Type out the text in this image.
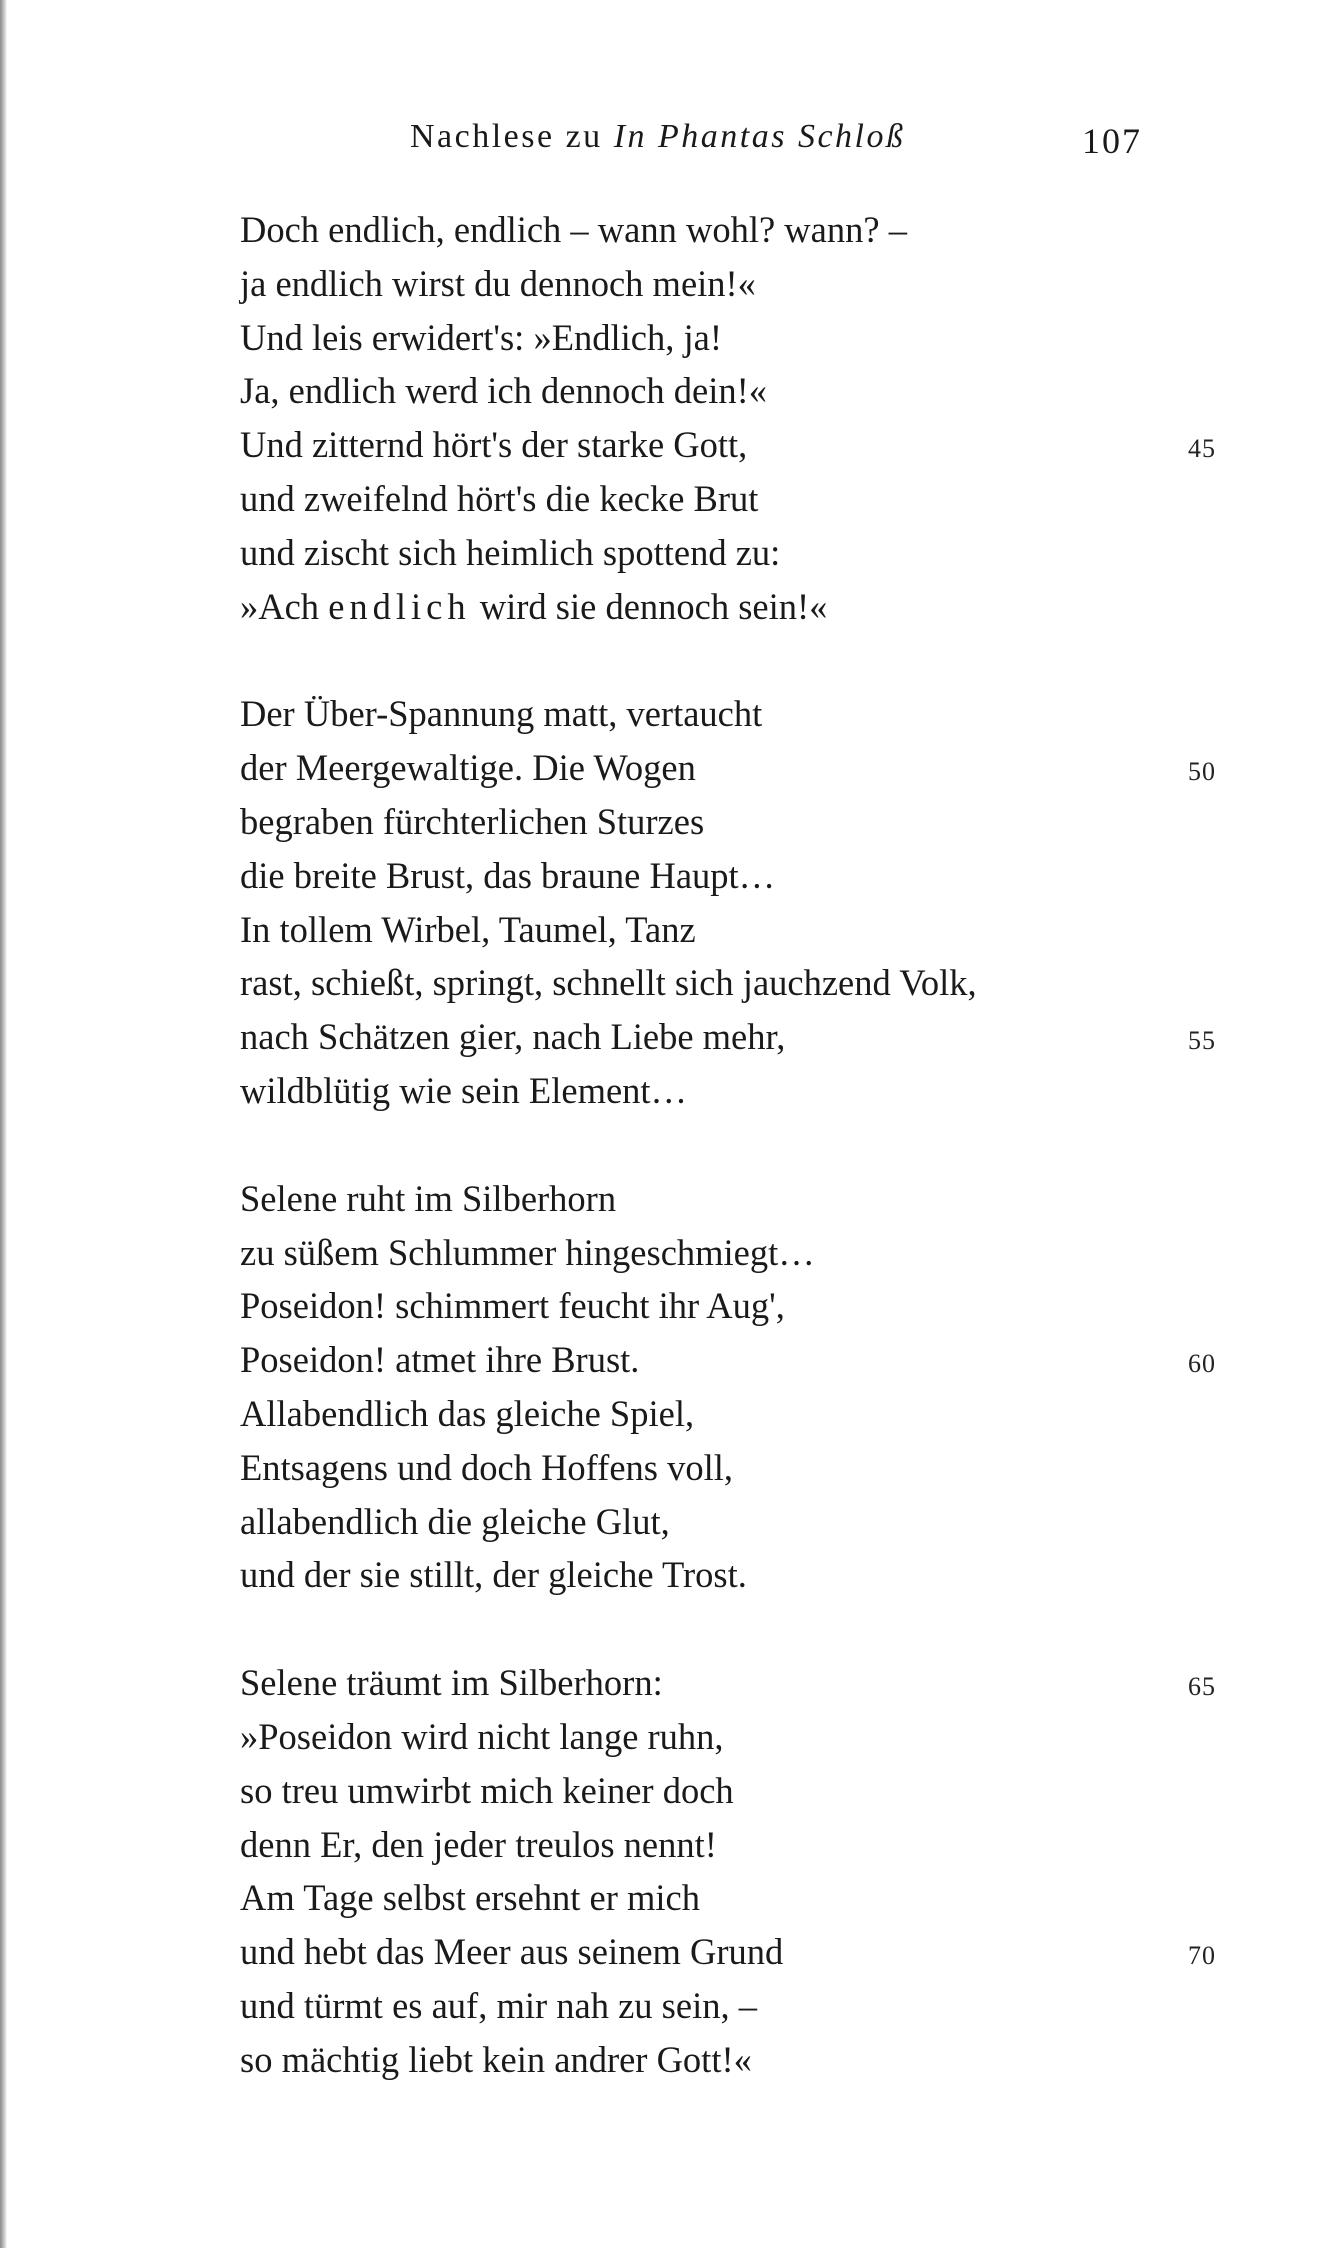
Nachlese zu In Phantas Schloß	107
Doch endlich, endlich – wann wohl? wann? –
ja endlich wirst du dennoch mein!«
Und leis erwidert's: »Endlich, ja!
Ja, endlich werd ich dennoch dein!«
Und zitternd hört's der starke Gott,	45
und zweifelnd hört's die kecke Brut
und zischt sich heimlich spottend zu:
»Ach endlich wird sie dennoch sein!«
Der Über-Spannung matt, vertaucht
der Meergewaltige. Die Wogen	50
begraben fürchterlichen Sturzes
die breite Brust, das braune Haupt…
In tollem Wirbel, Taumel, Tanz
rast, schießt, springt, schnellt sich jauchzend Volk,
nach Schätzen gier, nach Liebe mehr,	55
wildblütig wie sein Element…
Selene ruht im Silberhorn
zu süßem Schlummer hingeschmiegt…
Poseidon! schimmert feucht ihr Aug',
Poseidon! atmet ihre Brust.	60
Allabendlich das gleiche Spiel,
Entsagens und doch Hoffens voll,
allabendlich die gleiche Glut,
und der sie stillt, der gleiche Trost.
Selene träumt im Silberhorn:	65
»Poseidon wird nicht lange ruhn,
so treu umwirbt mich keiner doch
denn Er, den jeder treulos nennt!
Am Tage selbst ersehnt er mich
und hebt das Meer aus seinem Grund	70
und türmt es auf, mir nah zu sein, –
so mächtig liebt kein andrer Gott!«
